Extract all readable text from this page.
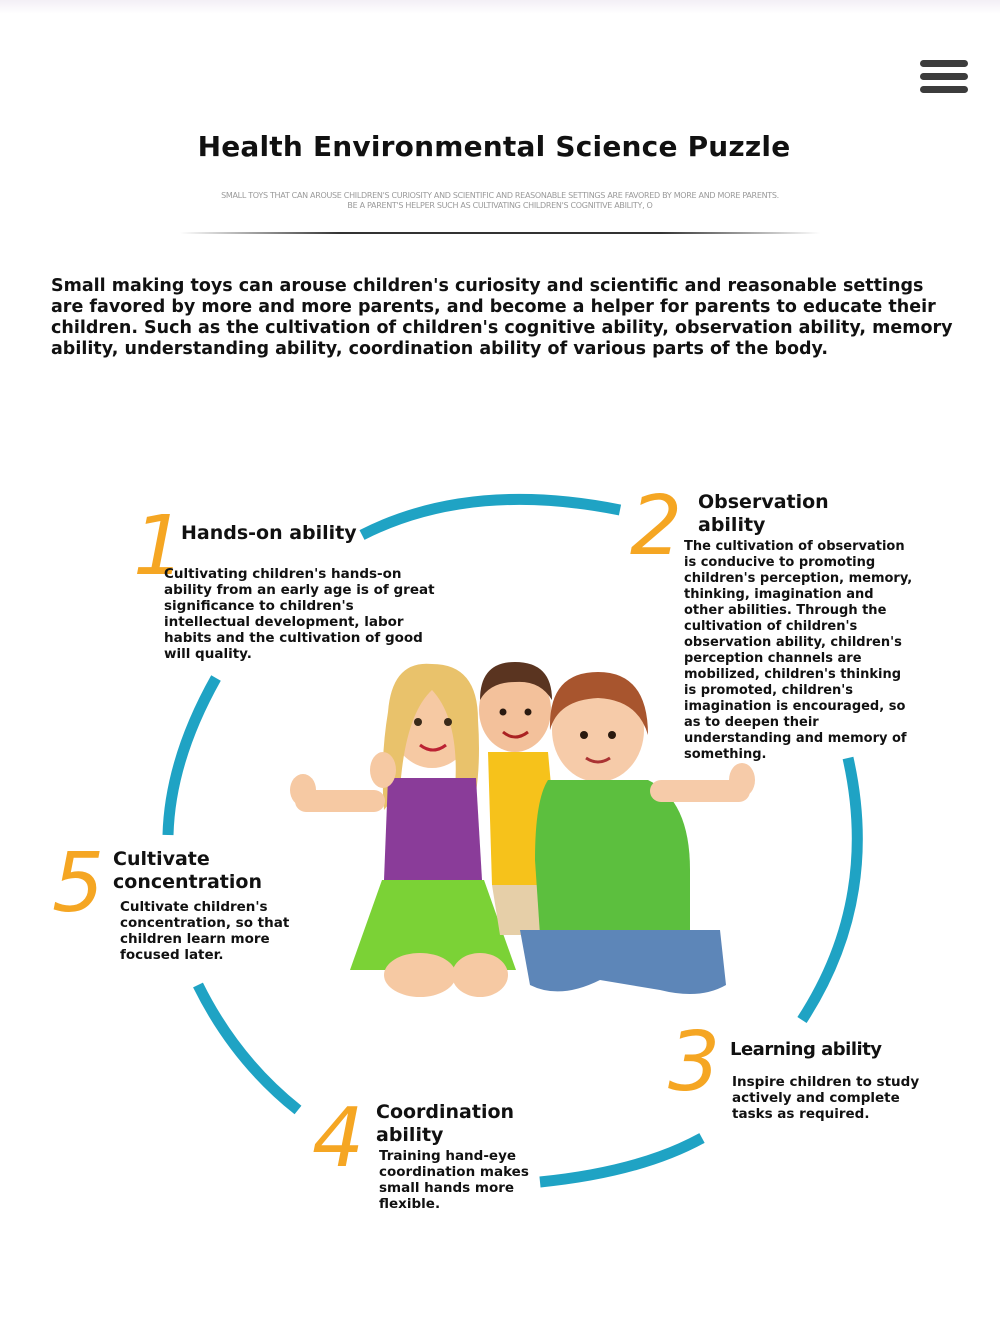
Health Environmental Science Puzzle
SMALL TOYS THAT CAN AROUSE CHILDREN'S CURIOSITY AND SCIENTIFIC AND REASONABLE SETTINGS ARE FAVORED BY MORE AND MORE PARENTS.
BE A PARENT'S HELPER SUCH AS CULTIVATING CHILDREN'S COGNITIVE ABILITY, O
Small making toys can arouse children's curiosity and scientific and reasonable settings are favored by more and more parents, and become a helper for parents to educate their children. Such as the cultivation of children's cognitive ability, observation ability, memory ability, understanding ability, coordination ability of various parts of the body.
1
Hands-on ability
Cultivating children's hands-on ability from an early age is of great significance to children's intellectual development, labor habits and the cultivation of good will quality.
2 Observation ability
The cultivation of observation is conducive to promoting children's perception, memory, thinking, imagination and other abilities. Through the cultivation of children's observation ability, children's perception channels are mobilized, children's thinking is promoted, children's imagination is encouraged, so as to deepen their understanding and memory of something.
3 Learning ability
Inspire children to study actively and complete tasks as required.
4 Coordination ability
Training hand-eye coordination makes small hands more flexible.
5 Cultivate concentration
Cultivate children's concentration, so that children learn more focused later.
